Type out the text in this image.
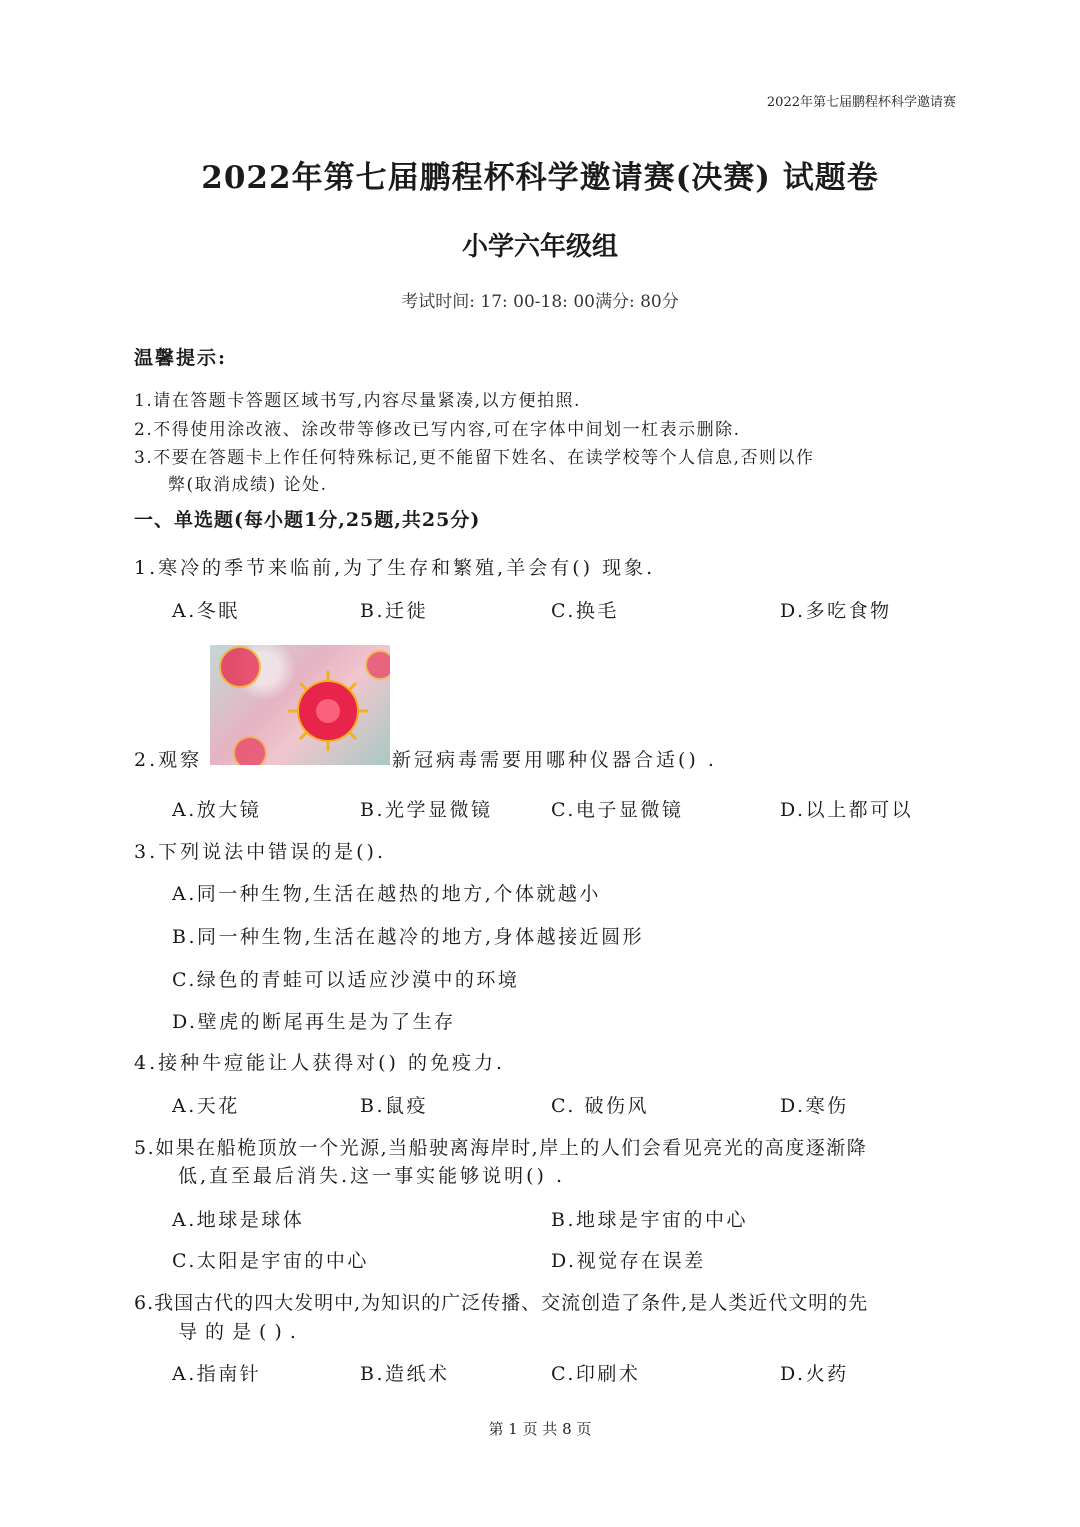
2022年第七届鹏程杯科学邀请赛
2022年第七届鹏程杯科学邀请赛(决赛) 试题卷
小学六年级组
考试时间: 17: 00-18: 00满分: 80分
温馨提示:
1.请在答题卡答题区域书写,内容尽量紧凑,以方便拍照.
2.不得使用涂改液、涂改带等修改已写内容,可在字体中间划一杠表示删除.
3.不要在答题卡上作任何特殊标记,更不能留下姓名、在读学校等个人信息,否则以作
弊(取消成绩) 论处.
一、单选题(每小题1分,25题,共25分)
1.寒冷的季节来临前,为了生存和繁殖,羊会有() 现象.
A.冬眠	B.迁徙	C.换毛	D.多吃食物
2.观察	新冠病毒需要用哪种仪器合适() .
A.放大镜	B.光学显微镜	C.电子显微镜	D.以上都可以
3.下列说法中错误的是().
A.同一种生物,生活在越热的地方,个体就越小
B.同一种生物,生活在越冷的地方,身体越接近圆形
C.绿色的青蛙可以适应沙漠中的环境
D.壁虎的断尾再生是为了生存
4.接种牛痘能让人获得对() 的免疫力.
A.天花	B.鼠疫	C. 破伤风	D.寒伤
5.如果在船桅顶放一个光源,当船驶离海岸时,岸上的人们会看见亮光的高度逐渐降
低,直至最后消失.这一事实能够说明() .
A.地球是球体	B.地球是宇宙的中心
C.太阳是宇宙的中心	D.视觉存在误差
6.我国古代的四大发明中,为知识的广泛传播、交流创造了条件,是人类近代文明的先
导的是().
A.指南针	B.造纸术	C.印刷术	D.火药
第 1 页 共 8 页
